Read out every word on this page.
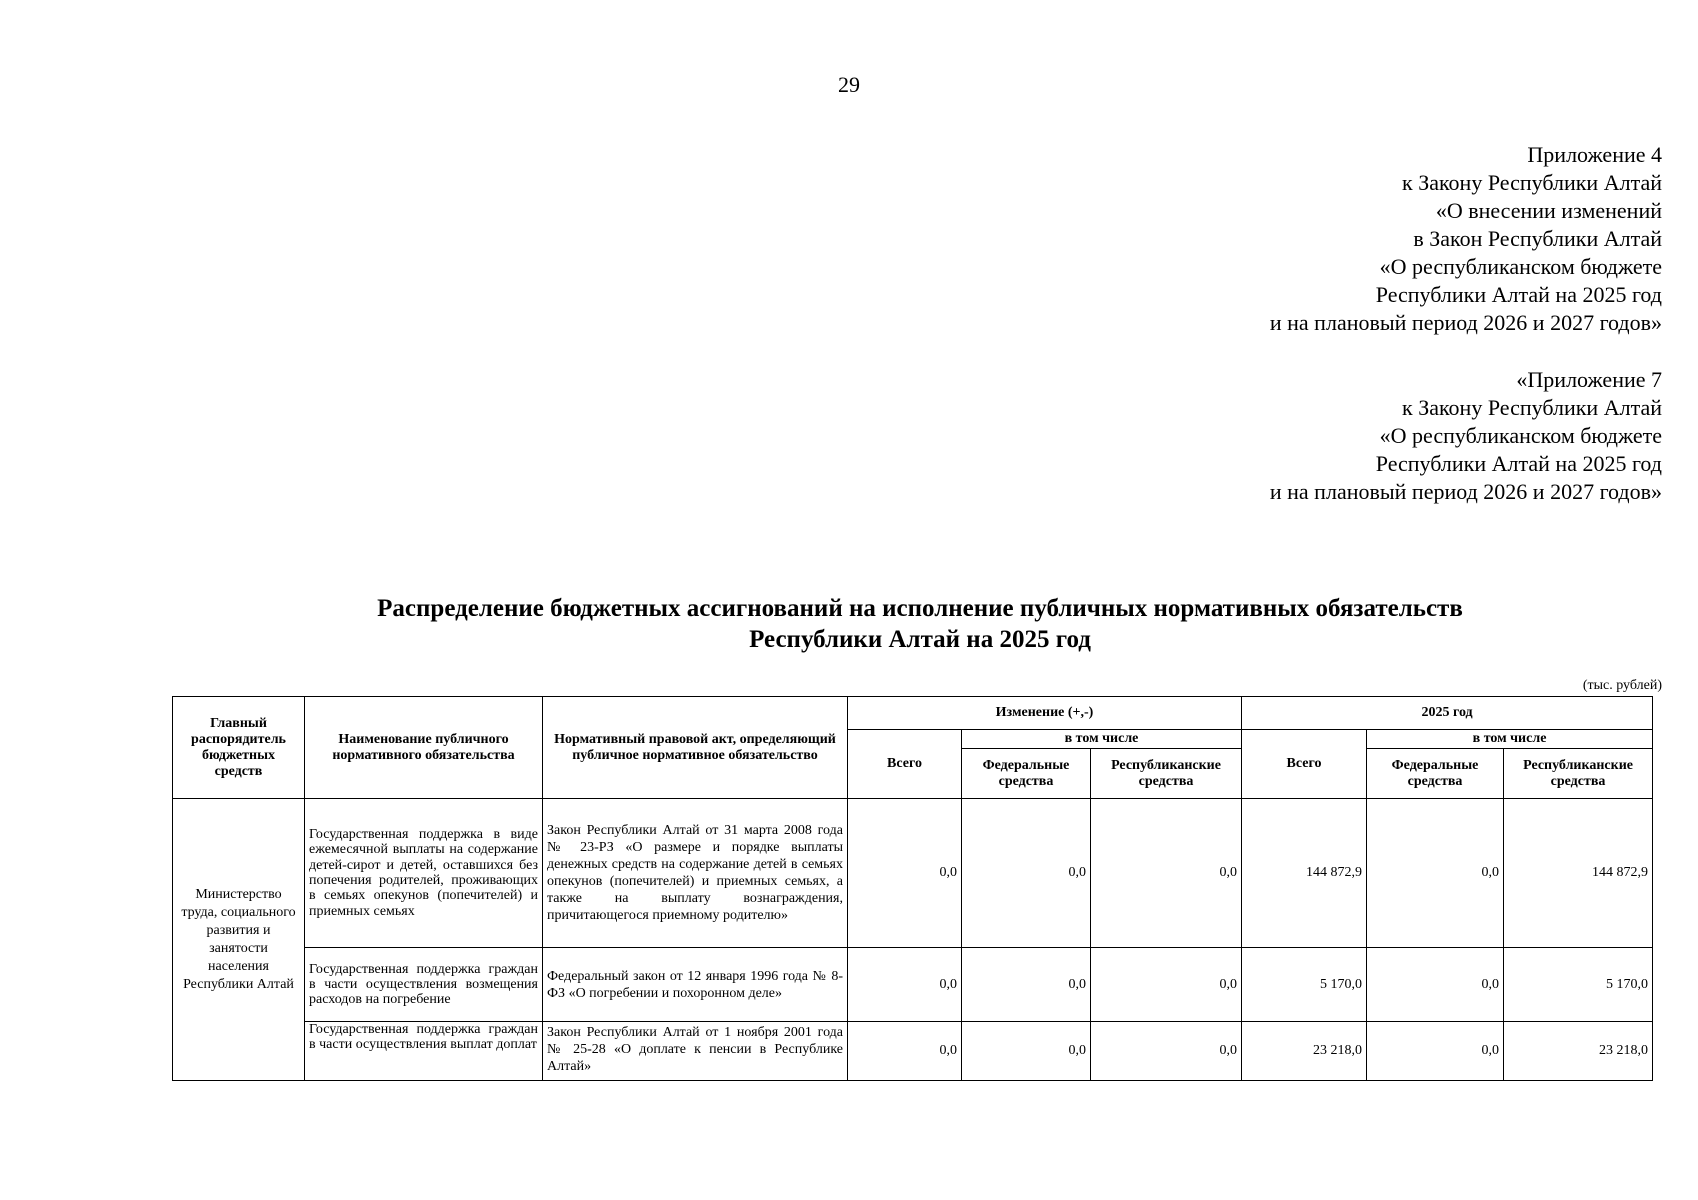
29
Приложение 4
к Закону Республики Алтай
«О внесении изменений
в Закон Республики Алтай
«О республиканском бюджете
Республики Алтай на 2025 год
и на плановый период 2026 и 2027 годов»
«Приложение 7
к Закону Республики Алтай
«О республиканском бюджете
Республики Алтай на 2025 год
и на плановый период 2026 и 2027 годов»
Распределение бюджетных ассигнований на исполнение публичных нормативных обязательств
Республики Алтай на 2025 год
(тыс. рублей)
Главный распорядитель бюджетных средств	Наименование публичного нормативного обязательства	Нормативный правовой акт, определяющий публичное нормативное обязательство	Изменение (+,-)			2025 год		
			Всего	в том числе		Всего	в том числе	
				Федеральные средства	Республиканские средства		Федеральные средства	Республиканские средства
Министерство труда, социального развития и занятости населения Республики Алтай	Государственная поддержка в виде ежемесячной выплаты на содержание детей-сирот и детей, оставшихся без попечения родителей, проживающих в семьях опекунов (попечителей) и приемных семьях	Закон Республики Алтай от 31 марта 2008 года № 23-РЗ «О размере и порядке выплаты денежных средств на содержание детей в семьях опекунов (попечителей) и приемных семьях, а также на выплату вознаграждения, причитающегося приемному родителю»	0,0	0,0	0,0	144 872,9	0,0	144 872,9
	Государственная поддержка граждан в части осуществления возмещения расходов на погребение	Федеральный закон от 12 января 1996 года № 8-ФЗ «О погребении и похоронном деле»	0,0	0,0	0,0	5 170,0	0,0	5 170,0
	Государственная поддержка граждан в части осуществления выплат доплат	Закон Республики Алтай от 1 ноября 2001 года № 25-28 «О доплате к пенсии в Республике Алтай»	0,0	0,0	0,0	23 218,0	0,0	23 218,0
